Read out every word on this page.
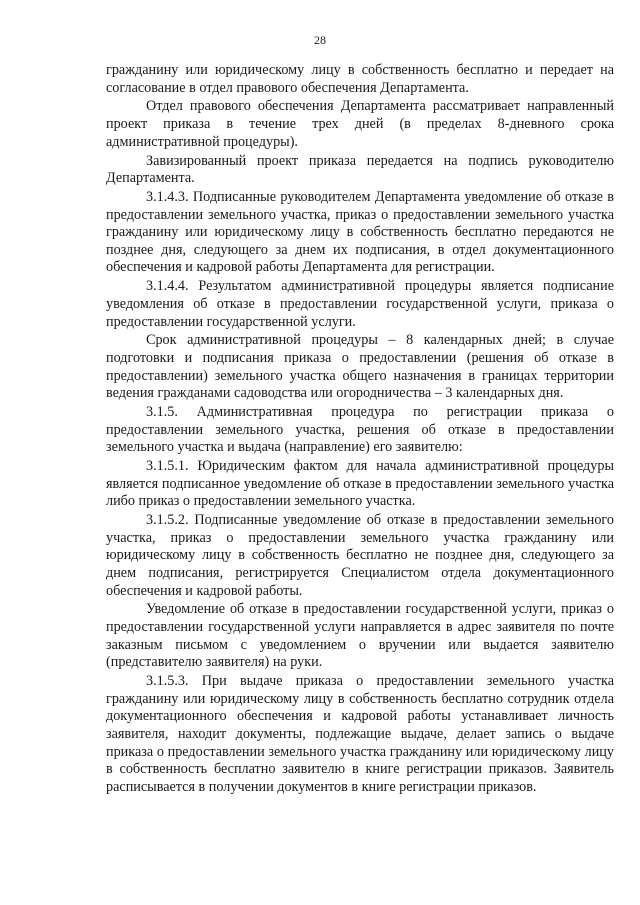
28

гражданину или юридическому лицу в собственность бесплатно и передает на согласование в отдел правового обеспечения Департамента.

Отдел правового обеспечения Департамента рассматривает направленный проект приказа в течение трех дней (в пределах 8-дневного срока административной процедуры).

Завизированный проект приказа передается на подпись руководителю Департамента.

3.1.4.3. Подписанные руководителем Департамента уведомление об отказе в предоставлении земельного участка, приказ о предоставлении земельного участка гражданину или юридическому лицу в собственность бесплатно передаются не позднее дня, следующего за днем их подписания, в отдел документационного обеспечения и кадровой работы Департамента для регистрации.

3.1.4.4. Результатом административной процедуры является подписание уведомления об отказе в предоставлении государственной услуги, приказа о предоставлении государственной услуги.

Срок административной процедуры – 8 календарных дней; в случае подготовки и подписания приказа о предоставлении (решения об отказе в предоставлении) земельного участка общего назначения в границах территории ведения гражданами садоводства или огородничества – 3 календарных дня.

3.1.5. Административная процедура по регистрации приказа о предоставлении земельного участка, решения об отказе в предоставлении земельного участка и выдача (направление) его заявителю:

3.1.5.1. Юридическим фактом для начала административной процедуры является подписанное уведомление об отказе в предоставлении земельного участка либо приказ о предоставлении земельного участка.

3.1.5.2. Подписанные уведомление об отказе в предоставлении земельного участка, приказ о предоставлении земельного участка гражданину или юридическому лицу в собственность бесплатно не позднее дня, следующего за днем подписания, регистрируется Специалистом отдела документационного обеспечения и кадровой работы.

Уведомление об отказе в предоставлении государственной услуги, приказ о предоставлении государственной услуги направляется в адрес заявителя по почте заказным письмом с уведомлением о вручении или выдается заявителю (представителю заявителя) на руки.

3.1.5.3. При выдаче приказа о предоставлении земельного участка гражданину или юридическому лицу в собственность бесплатно сотрудник отдела документационного обеспечения и кадровой работы устанавливает личность заявителя, находит документы, подлежащие выдаче, делает запись о выдаче приказа о предоставлении земельного участка гражданину или юридическому лицу в собственность бесплатно заявителю в книге регистрации приказов. Заявитель расписывается в получении документов в книге регистрации приказов.
